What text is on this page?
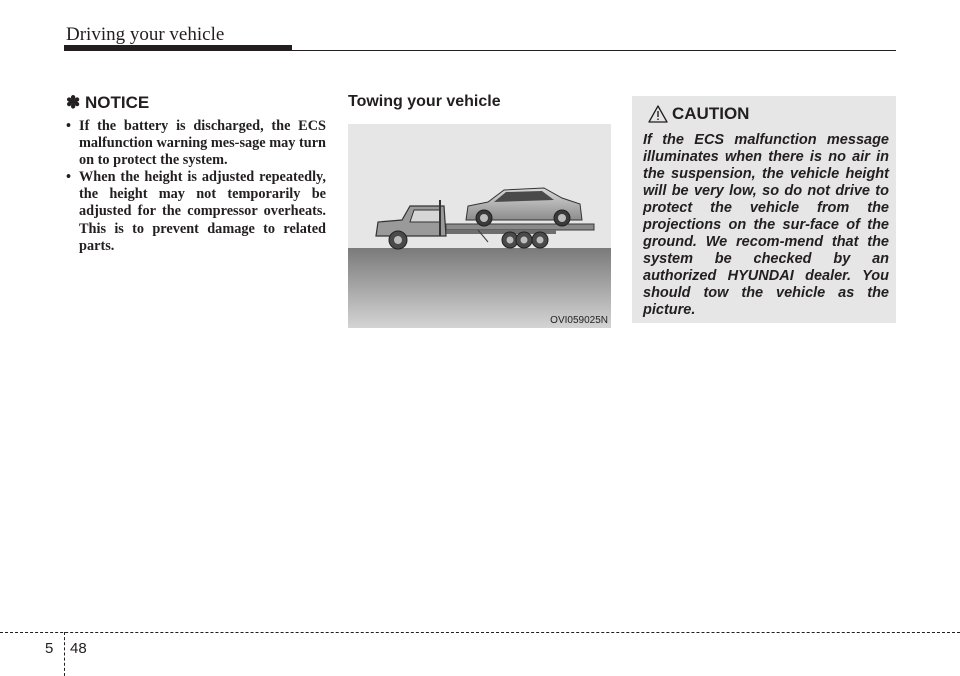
Driving your vehicle
✽ NOTICE
• If the battery is discharged, the ECS malfunction warning mes-sage may turn on to protect the system.
• When the height is adjusted repeatedly, the height may not temporarily be adjusted for the compressor overheats. This is to prevent damage to related parts.
Towing your vehicle
OVI059025N
CAUTION
If the ECS malfunction message illuminates when there is no air in the suspension, the vehicle height will be very low, so do not drive to protect the vehicle from the projections on the sur-face of the ground. We recom-mend that the system be checked by an authorized HYUNDAI dealer. You should tow the vehicle as the picture.
5 48
